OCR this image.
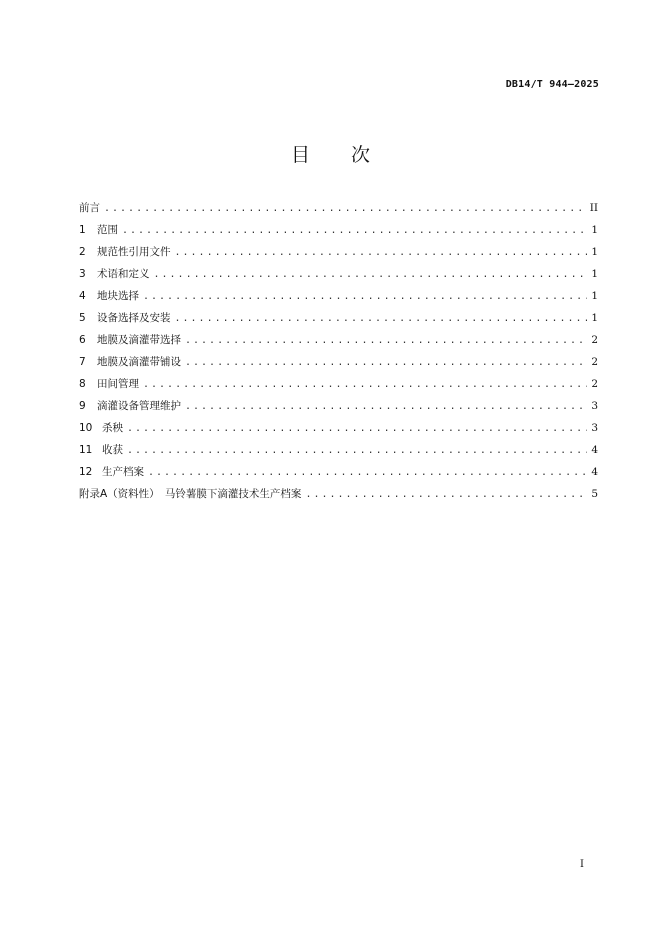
DB14/T 944—2025
目 次
前言 .....	II
1	范围 .....	1
2	规范性引用文件 .....	1
3	术语和定义 .....	1
4	地块选择 .....	1
5	设备选择及安装 .....	1
6	地膜及滴灌带选择 .....	2
7	地膜及滴灌带铺设 .....	2
8	田间管理 .....	2
9	滴灌设备管理维护 .....	3
10 杀秧 .....	3
11 收获 .....	4
12 生产档案 .....	4
附录A（资料性）　马铃薯膜下滴灌技术生产档案 .....	5
I
